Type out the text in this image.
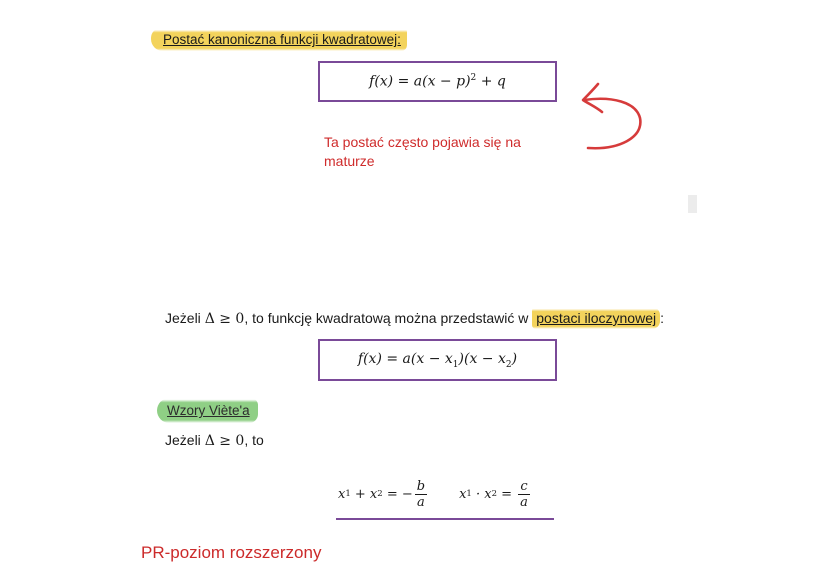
Postać kanoniczna funkcji kwadratowej:
$f(x) = a(x - p)^2 + q$
Ta postać często pojawia się na maturze
Jeżeli Δ ≥ 0, to funkcję kwadratową można przedstawić w postaci iloczynowej :
$f(x) = a(x - x_1)(x - x_2)$
Wzory Viète'a
Jeżeli Δ ≥ 0, to
x 1 + x 2 = − $\frac{b}{a}$ x 1 · x $2 = \frac{c}{a}$
PR-poziom rozszerzony
